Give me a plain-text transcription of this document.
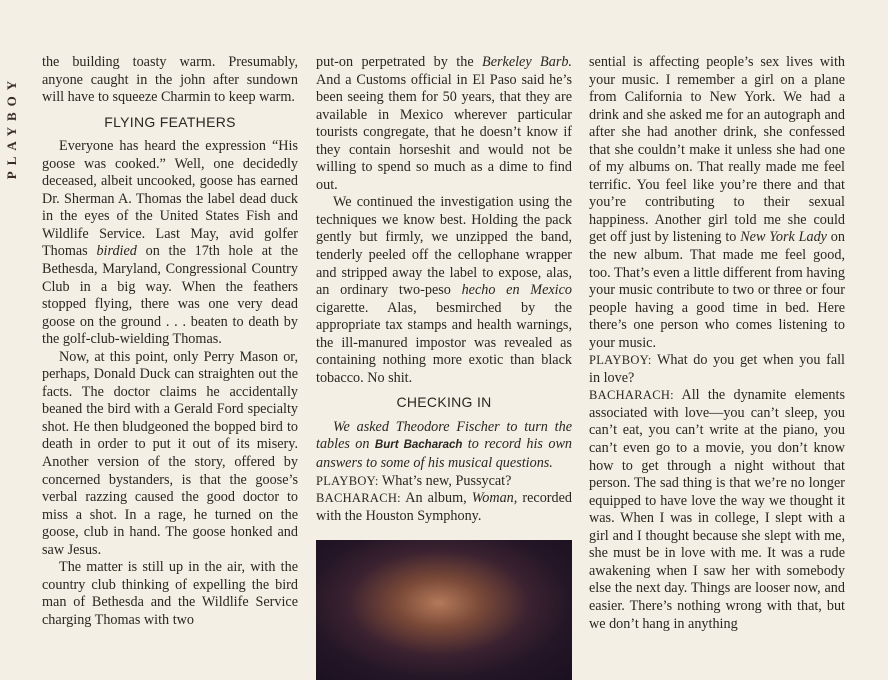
PLAYBOY

the building toasty warm. Presumably, anyone caught in the john after sundown will have to squeeze Charmin to keep warm.

FLYING FEATHERS

Everyone has heard the expression “His goose was cooked.” Well, one decidedly deceased, albeit uncooked, goose has earned Dr. Sherman A. Thomas the label dead duck in the eyes of the United States Fish and Wildlife Service. Last May, avid golfer Thomas birdied on the 17th hole at the Bethesda, Maryland, Congressional Country Club in a big way. When the feathers stopped flying, there was one very dead goose on the ground . . . beaten to death by the golf-club-wielding Thomas.

Now, at this point, only Perry Mason or, perhaps, Donald Duck can straighten out the facts. The doctor claims he accidentally beaned the bird with a Gerald Ford specialty shot. He then bludgeoned the bopped bird to death in order to put it out of its misery. Another version of the story, offered by concerned bystanders, is that the goose’s verbal razzing caused the good doctor to miss a shot. In a rage, he turned on the goose, club in hand. The goose honked and saw Jesus.

The matter is still up in the air, with the country club thinking of expelling the bird man of Bethesda and the Wildlife Service charging Thomas with two

put-on perpetrated by the Berkeley Barb. And a Customs official in El Paso said he’s been seeing them for 50 years, that they are available in Mexico wherever particular tourists congregate, that he doesn’t know if they contain horseshit and would not be willing to spend so much as a dime to find out.

We continued the investigation using the techniques we know best. Holding the pack gently but firmly, we unzipped the band, tenderly peeled off the cellophane wrapper and stripped away the label to expose, alas, an ordinary two-peso hecho en Mexico cigarette. Alas, besmirched by the appropriate tax stamps and health warnings, the ill-manured impostor was revealed as containing nothing more exotic than black tobacco. No shit.

CHECKING IN

We asked Theodore Fischer to turn the tables on Burt Bacharach to record his own answers to some of his musical questions.

PLAYBOY: What’s new, Pussycat?

BACHARACH: An album, Woman, recorded with the Houston Symphony.

sential is affecting people’s sex lives with your music. I remember a girl on a plane from California to New York. We had a drink and she asked me for an autograph and after she had another drink, she confessed that she couldn’t make it unless she had one of my albums on. That really made me feel terrific. You feel like you’re there and that you’re contributing to their sexual happiness. Another girl told me she could get off just by listening to New York Lady on the new album. That made me feel good, too. That’s even a little different from having your music contribute to two or three or four people having a good time in bed. Here there’s one person who comes listening to your music.

PLAYBOY: What do you get when you fall in love?

BACHARACH: All the dynamite elements associated with love—you can’t sleep, you can’t eat, you can’t write at the piano, you can’t even go to a movie, you don’t know how to get through a night without that person. The sad thing is that we’re no longer equipped to have love the way we thought it was. When I was in college, I slept with a girl and I thought because she slept with me, she must be in love with me. It was a rude awakening when I saw her with somebody else the next day. Things are looser now, and easier. There’s nothing wrong with that, but we don’t hang in anything
